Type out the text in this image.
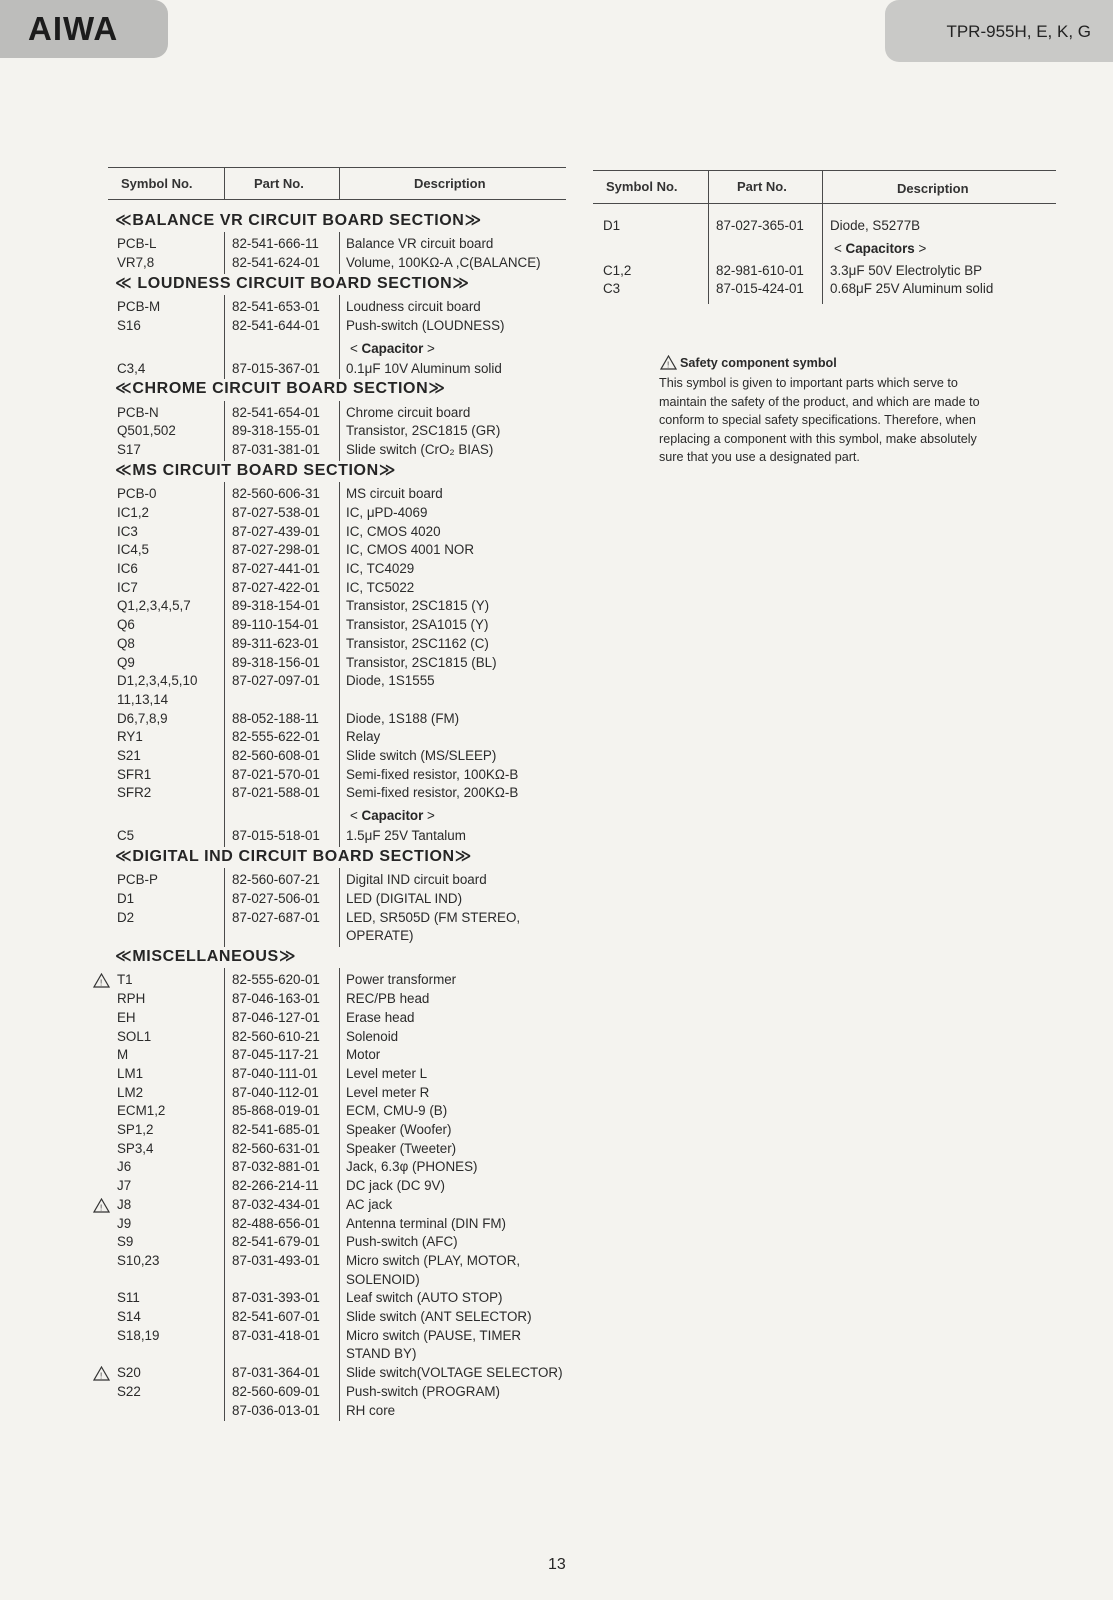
AIWA	TPR-955H, E, K, G
Symbol No.	Part No.	Description
≪BALANCE VR CIRCUIT BOARD SECTION≫
PCB-L	82-541-666-11 Balance VR circuit board
VR7,8	82-541-624-01 Volume, 100KΩ-A ,C(BALANCE)
≪ LOUDNESS CIRCUIT BOARD SECTION≫
PCB-M	82-541-653-01 Loudness circuit board
S16	82-541-644-01 Push-switch (LOUDNESS)
< Capacitor >
C3,4	87-015-367-01 0.1μF 10V Aluminum solid
≪CHROME CIRCUIT BOARD SECTION≫
PCB-N	82-541-654-01 Chrome circuit board
Q501,502	89-318-155-01 Transistor, 2SC1815 (GR)
S17	87-031-381-01 Slide switch (CrO₂ BIAS)
≪MS CIRCUIT BOARD SECTION≫
PCB-0	82-560-606-31 MS circuit board
IC1,2	87-027-538-01 IC, μPD-4069
IC3	87-027-439-01 IC, CMOS 4020
IC4,5	87-027-298-01 IC, CMOS 4001 NOR
IC6	87-027-441-01 IC, TC4029
IC7	87-027-422-01 IC, TC5022
Q1,2,3,4,5,7	89-318-154-01 Transistor, 2SC1815 (Y)
Q6	89-110-154-01 Transistor, 2SA1015 (Y)
Q8	89-311-623-01 Transistor, 2SC1162 (C)
Q9	89-318-156-01 Transistor, 2SC1815 (BL)
D1,2,3,4,5,10	87-027-097-01 Diode, 1S1555
11,13,14
D6,7,8,9	88-052-188-11 Diode, 1S188 (FM)
RY1	82-555-622-01 Relay
S21	82-560-608-01 Slide switch (MS/SLEEP)
SFR1	87-021-570-01 Semi-fixed resistor, 100KΩ-B
SFR2	87-021-588-01 Semi-fixed resistor, 200KΩ-B
< Capacitor >
C5	87-015-518-01 1.5μF 25V Tantalum
≪DIGITAL IND CIRCUIT BOARD SECTION≫
PCB-P	82-560-607-21 Digital IND circuit board
D1	87-027-506-01 LED (DIGITAL IND)
D2	87-027-687-01 LED, SR505D (FM STEREO,
OPERATE)
≪MISCELLANEOUS≫
T1	82-555-620-01 Power transformer
!
RPH	87-046-163-01 REC/PB head
EH	87-046-127-01 Erase head
SOL1	82-560-610-21 Solenoid
M	87-045-117-21 Motor
LM1	87-040-111-01 Level meter L
LM2	87-040-112-01 Level meter R
ECM1,2	85-868-019-01 ECM, CMU-9 (B)
SP1,2	82-541-685-01 Speaker (Woofer)
SP3,4	82-560-631-01 Speaker (Tweeter)
J6	87-032-881-01 Jack, 6.3φ (PHONES)
J7	82-266-214-11 DC jack (DC 9V)
J8	87-032-434-01 AC jack
!
J9	82-488-656-01 Antenna terminal (DIN FM)
S9	82-541-679-01 Push-switch (AFC)
S10,23	87-031-493-01 Micro switch (PLAY, MOTOR,
SOLENOID)
S11	87-031-393-01 Leaf switch (AUTO STOP)
S14	82-541-607-01 Slide switch (ANT SELECTOR)
S18,19	87-031-418-01 Micro switch (PAUSE, TIMER
STAND BY)
S20	87-031-364-01 Slide switch(VOLTAGE SELECTOR)
!
S22	82-560-609-01 Push-switch (PROGRAM)
87-036-013-01 RH core
Symbol No.	Part No.	Description
D1	87-027-365-01 Diode, S5277B
< Capacitors >
C1,2	82-981-610-01 3.3μF 50V Electrolytic BP
C3	87-015-424-01 0.68μF 25V Aluminum solid
! Safety component symbol
This symbol is given to important parts which serve to
maintain the safety of the product, and which are made to
conform to special safety specifications. Therefore, when
replacing a component with this symbol, make absolutely
sure that you use a designated part.
13
